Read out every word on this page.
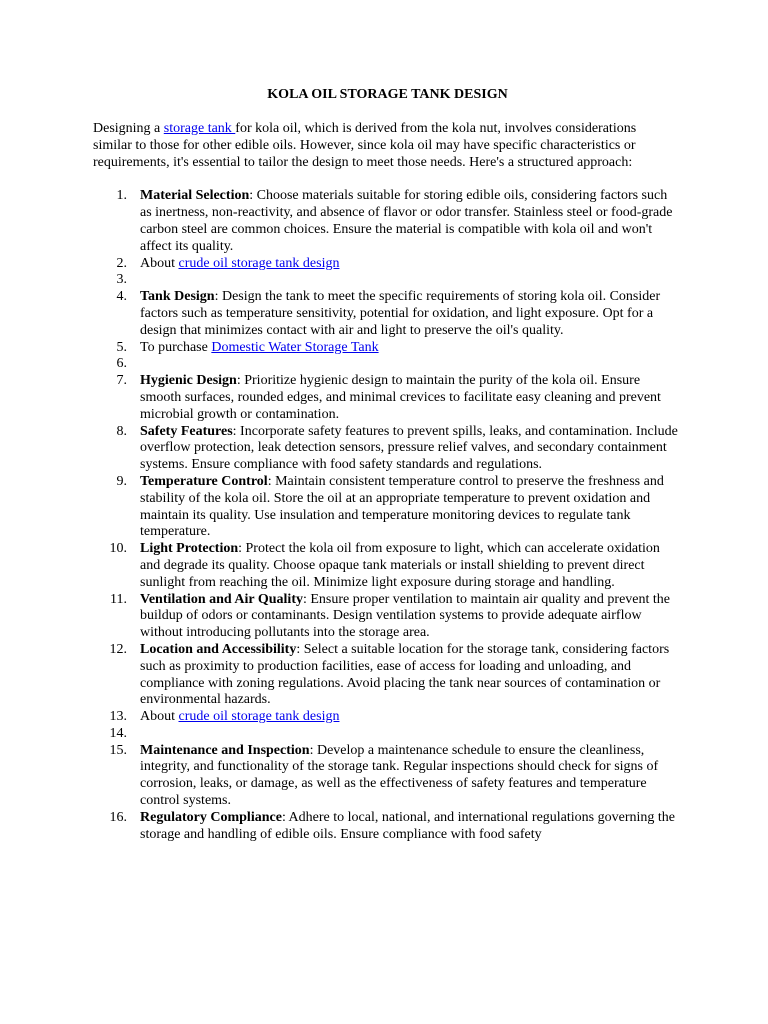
KOLA OIL STORAGE TANK DESIGN

Designing a storage tank for kola oil, which is derived from the kola nut, involves considerations similar to those for other edible oils. However, since kola oil may have specific characteristics or requirements, it's essential to tailor the design to meet those needs. Here's a structured approach:

1. Material Selection: Choose materials suitable for storing edible oils, considering factors such as inertness, non-reactivity, and absence of flavor or odor transfer. Stainless steel or food-grade carbon steel are common choices. Ensure the material is compatible with kola oil and won't affect its quality.
2. About crude oil storage tank design
3.
4. Tank Design: Design the tank to meet the specific requirements of storing kola oil. Consider factors such as temperature sensitivity, potential for oxidation, and light exposure. Opt for a design that minimizes contact with air and light to preserve the oil's quality.
5. To purchase Domestic Water Storage Tank
6.
7. Hygienic Design: Prioritize hygienic design to maintain the purity of the kola oil. Ensure smooth surfaces, rounded edges, and minimal crevices to facilitate easy cleaning and prevent microbial growth or contamination.
8. Safety Features: Incorporate safety features to prevent spills, leaks, and contamination. Include overflow protection, leak detection sensors, pressure relief valves, and secondary containment systems. Ensure compliance with food safety standards and regulations.
9. Temperature Control: Maintain consistent temperature control to preserve the freshness and stability of the kola oil. Store the oil at an appropriate temperature to prevent oxidation and maintain its quality. Use insulation and temperature monitoring devices to regulate tank temperature.
10. Light Protection: Protect the kola oil from exposure to light, which can accelerate oxidation and degrade its quality. Choose opaque tank materials or install shielding to prevent direct sunlight from reaching the oil. Minimize light exposure during storage and handling.
11. Ventilation and Air Quality: Ensure proper ventilation to maintain air quality and prevent the buildup of odors or contaminants. Design ventilation systems to provide adequate airflow without introducing pollutants into the storage area.
12. Location and Accessibility: Select a suitable location for the storage tank, considering factors such as proximity to production facilities, ease of access for loading and unloading, and compliance with zoning regulations. Avoid placing the tank near sources of contamination or environmental hazards.
13. About crude oil storage tank design
14.
15. Maintenance and Inspection: Develop a maintenance schedule to ensure the cleanliness, integrity, and functionality of the storage tank. Regular inspections should check for signs of corrosion, leaks, or damage, as well as the effectiveness of safety features and temperature control systems.
16. Regulatory Compliance: Adhere to local, national, and international regulations governing the storage and handling of edible oils. Ensure compliance with food safety
